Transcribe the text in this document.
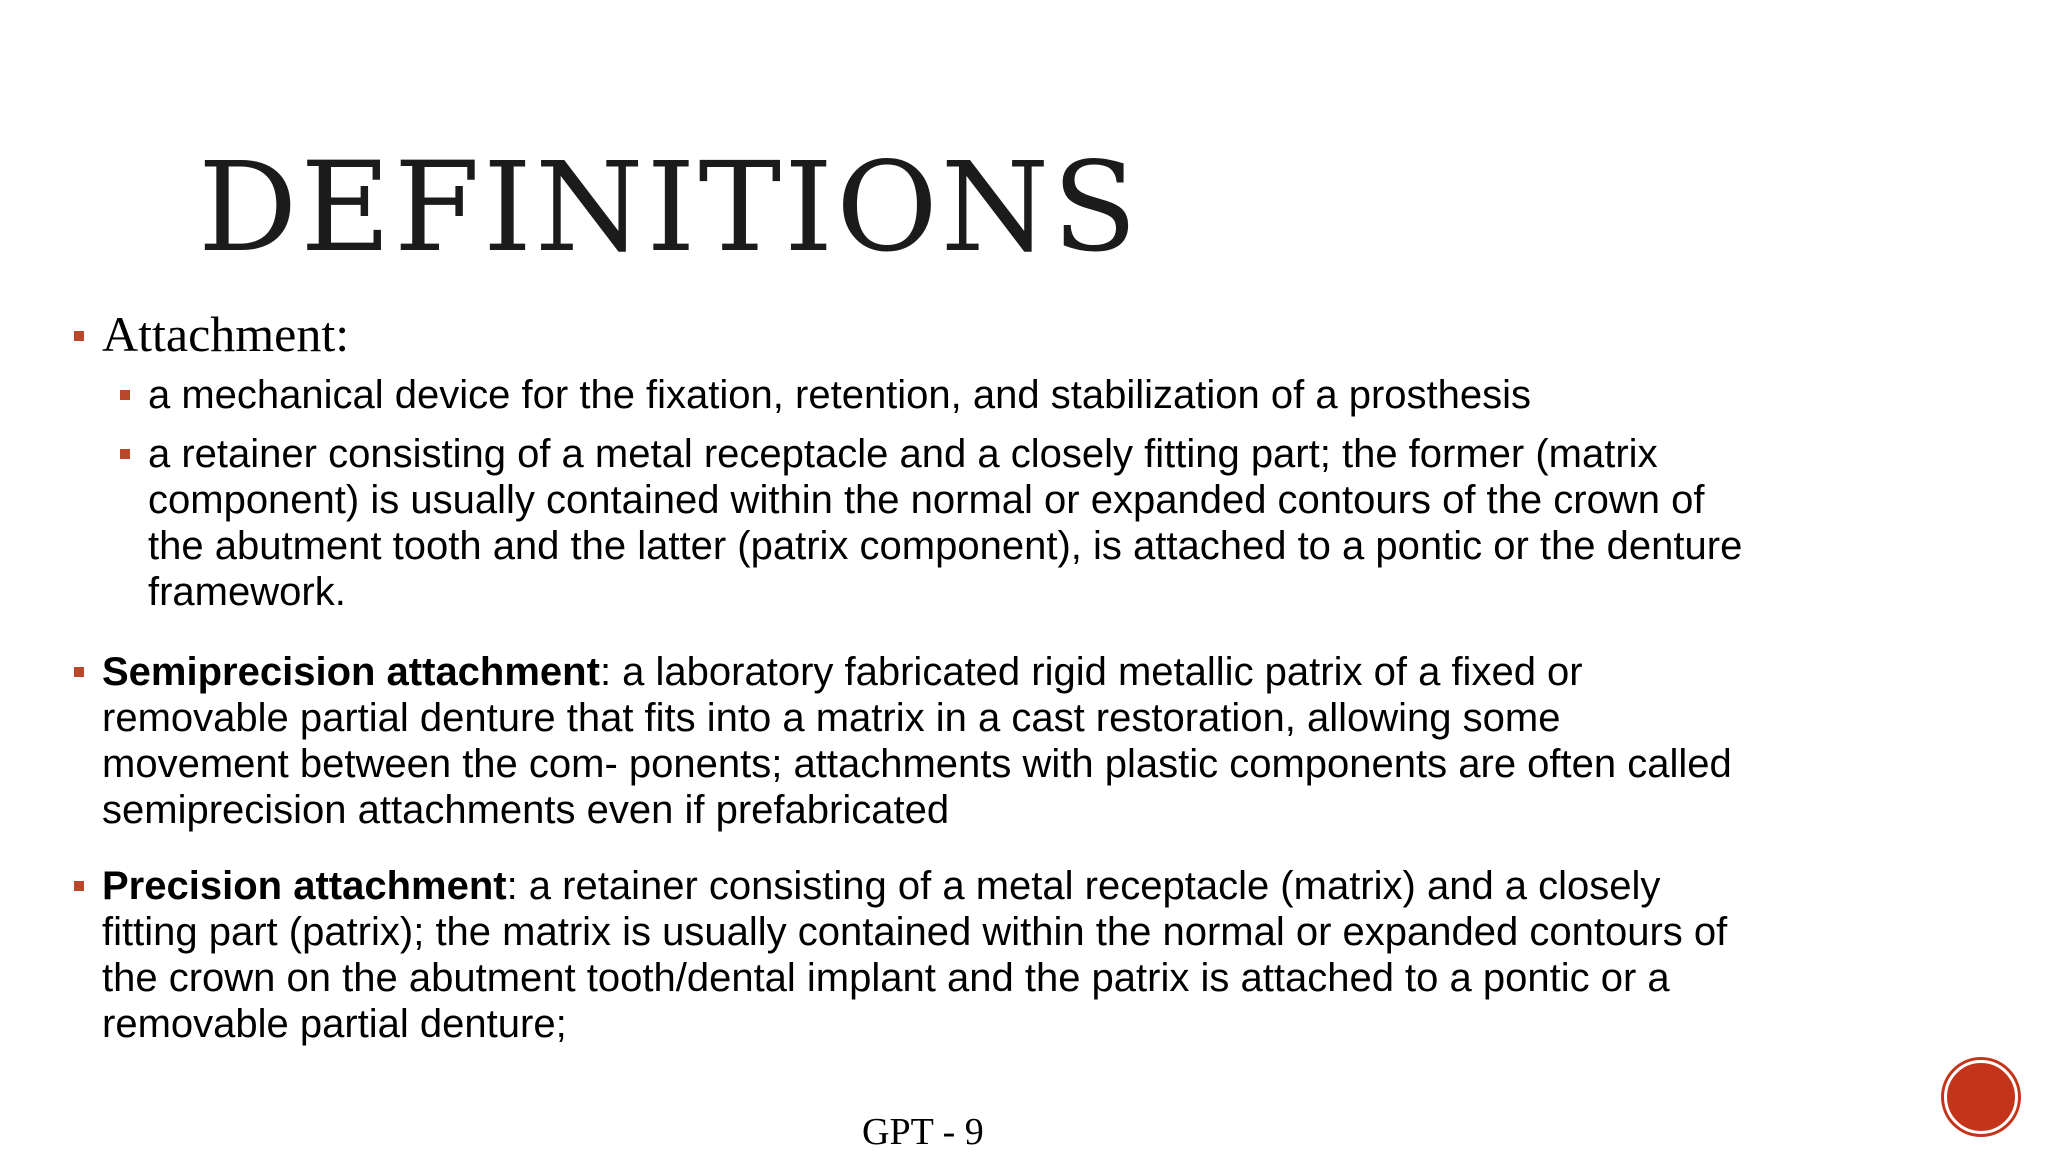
DEFINITIONS
Attachment:

a mechanical device for the fixation, retention, and stabilization of a prosthesis

a retainer consisting of a metal receptacle and a closely fitting part; the former (matrix
component) is usually contained within the normal or expanded contours of the crown of
the abutment tooth and the latter (patrix component), is attached to a pontic or the denture
framework.

Semiprecision attachment: a laboratory fabricated rigid metallic patrix of a fixed or
removable partial denture that fits into a matrix in a cast restoration, allowing some
movement between the com- ponents; attachments with plastic components are often called
semiprecision attachments even if prefabricated

Precision attachment: a retainer consisting of a metal receptacle (matrix) and a closely
fitting part (patrix); the matrix is usually contained within the normal or expanded contours of
the crown on the abutment tooth/dental implant and the patrix is attached to a pontic or a
removable partial denture;

GPT - 9
